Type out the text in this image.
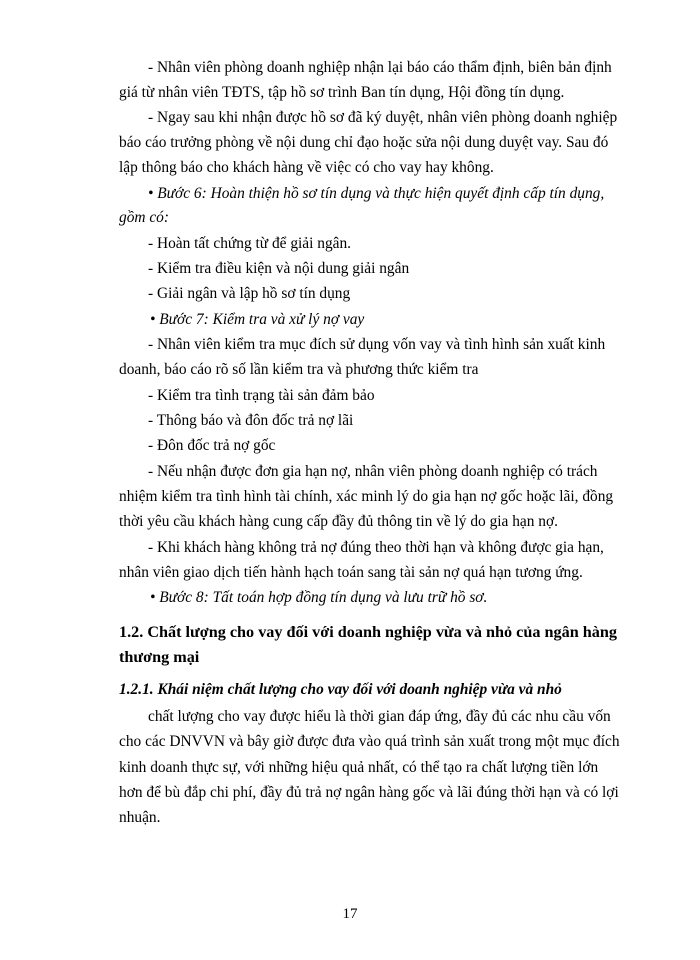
- Nhân viên phòng doanh nghiệp nhận lại báo cáo thẩm định, biên bản định

giá từ nhân viên TĐTS, tập hồ sơ trình Ban tín dụng, Hội đồng tín dụng.

- Ngay sau khi nhận được hồ sơ đã ký duyệt, nhân viên phòng doanh nghiệp

báo cáo trưởng phòng về nội dung chỉ đạo hoặc sửa nội dung duyệt vay. Sau đó

lập thông báo cho khách hàng về việc có cho vay hay không.

• Bước 6: Hoàn thiện hồ sơ tín dụng và thực hiện quyết định cấp tín dụng,

gồm có:

- Hoàn tất chứng từ để giải ngân.

- Kiểm tra điều kiện và nội dung giải ngân

- Giải ngân và lập hồ sơ tín dụng

• Bước 7: Kiểm tra và xử lý nợ vay

- Nhân viên kiểm tra mục đích sử dụng vốn vay và tình hình sản xuất kinh

doanh, báo cáo rõ số lần kiểm tra và phương thức kiểm tra

- Kiểm tra tình trạng tài sản đảm bảo

- Thông báo và đôn đốc trả nợ lãi

- Đôn đốc trả nợ gốc

- Nếu nhận được đơn gia hạn nợ, nhân viên phòng doanh nghiệp có trách

nhiệm kiểm tra tình hình tài chính, xác minh lý do gia hạn nợ gốc hoặc lãi, đồng

thời yêu cầu khách hàng cung cấp đầy đủ thông tin về lý do gia hạn nợ.

- Khi khách hàng không trả nợ đúng theo thời hạn và không được gia hạn,

nhân viên giao dịch tiến hành hạch toán sang tài sản nợ quá hạn tương ứng.

• Bước 8: Tất toán hợp đồng tín dụng và lưu trữ hồ sơ.

1.2. Chất lượng cho vay đối với doanh nghiệp vừa và nhỏ của ngân hàng

thương mại

1.2.1. Khái niệm chất lượng cho vay đối với doanh nghiệp vừa và nhỏ

chất lượng cho vay được hiểu là thời gian đáp ứng, đầy đủ các nhu cầu vốn

cho các DNVVN và bây giờ được đưa vào quá trình sản xuất trong một mục đích

kinh doanh thực sự, với những hiệu quả nhất, có thể tạo ra chất lượng tiền lớn

hơn để bù đắp chi phí, đầy đủ trả nợ ngân hàng gốc và lãi đúng thời hạn và có lợi

nhuận.

17
